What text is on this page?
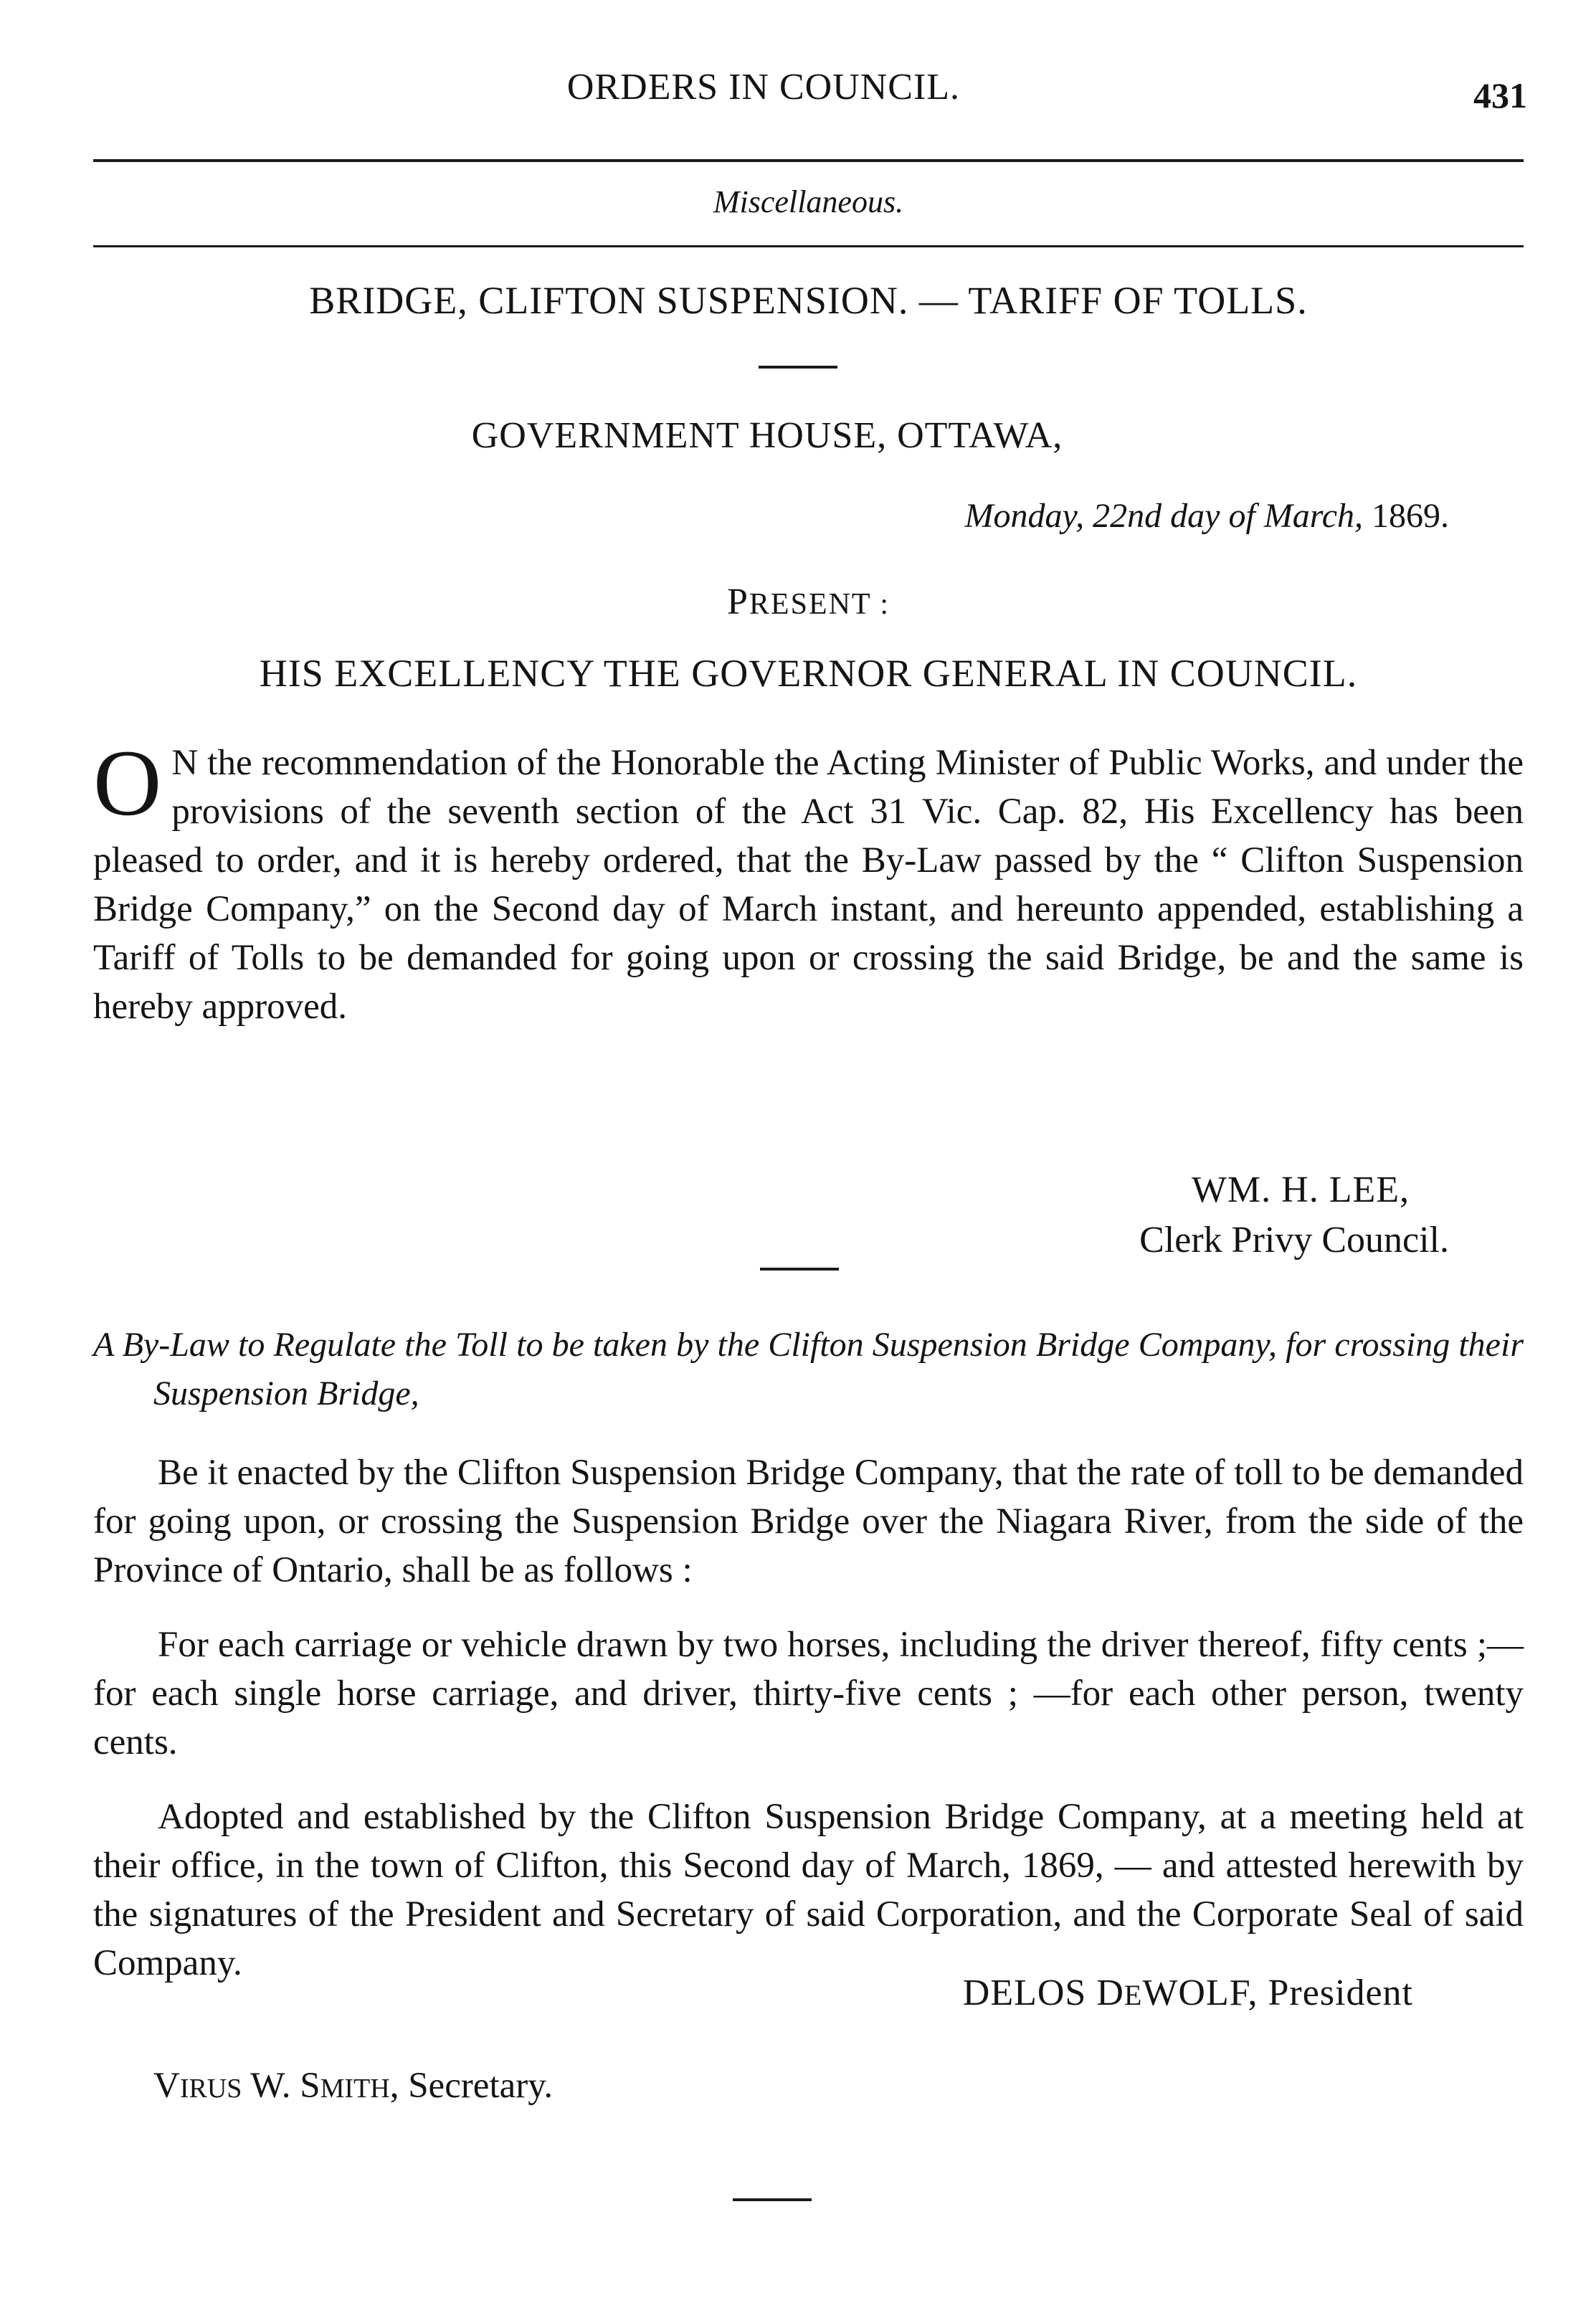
ORDERS IN COUNCIL.	431
Miscellaneous.
BRIDGE, CLIFTON SUSPENSION. — TARIFF OF TOLLS.
GOVERNMENT HOUSE, OTTAWA,
Monday, 22nd day of March, 1869.
PRESENT :
HIS EXCELLENCY THE GOVERNOR GENERAL IN COUNCIL.
O N the recommendation of the Honorable the Acting Minister of Public Works, and under the provisions of the seventh section of the Act 31 Vic. Cap. 82, His Excellency has been pleased to order, and it is hereby ordered, that the By-Law passed by the “ Clifton Suspension Bridge Company,” on the Second day of March instant, and hereunto appended, establishing a Tariff of Tolls to be demanded for going upon or crossing the said Bridge, be and the same is hereby approved.
WM. H. LEE,
Clerk Privy Council.
A By-Law to Regulate the Toll to be taken by the Clifton Suspension Bridge Company, for crossing their Suspension Bridge,
Be it enacted by the Clifton Suspension Bridge Company, that the rate of toll to be demanded for going upon, or crossing the Suspension Bridge over the Niagara River, from the side of the Province of Ontario, shall be as follows :
For each carriage or vehicle drawn by two horses, including the driver thereof, fifty cents ;—for each single horse carriage, and driver, thirty-five cents ; —for each other person, twenty cents.
Adopted and established by the Clifton Suspension Bridge Company, at a meeting held at their office, in the town of Clifton, this Second day of March, 1869, — and attested herewith by the signatures of the President and Secretary of said Corporation, and the Corporate Seal of said Company.
DELOS DEWOLF, President
VIRUS W. SMITH, Secretary.
